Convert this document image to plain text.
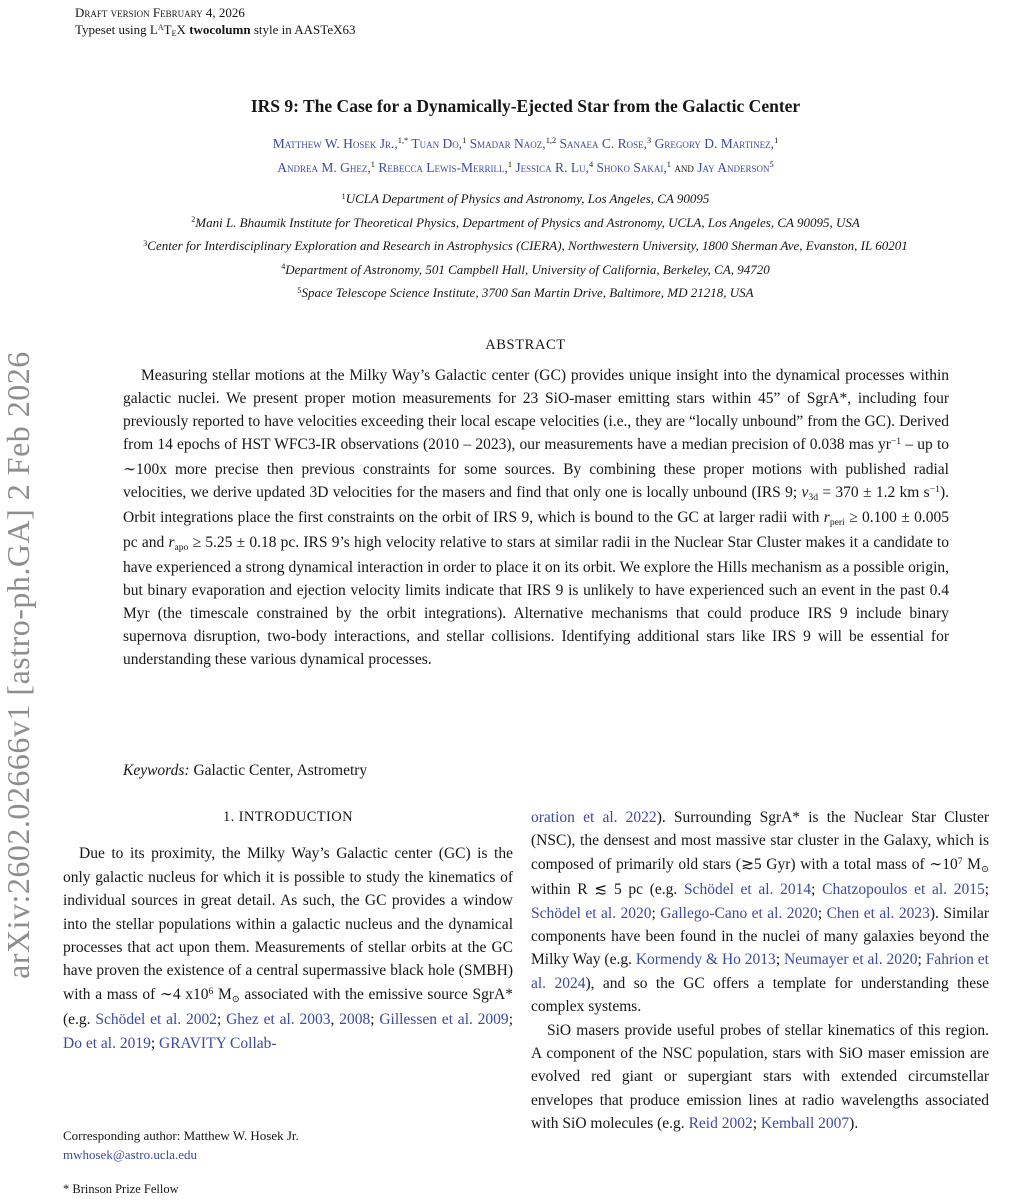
arXiv:2602.02666v1 [astro-ph.GA] 2 Feb 2026
Draft version February 4, 2026
Typeset using $L^ATEX$ twocolumn style in AASTeX63
IRS 9: The Case for a Dynamically-Ejected Star from the Galactic Center
Matthew W. Hosek Jr.,$^{1,*}$ Tuan Do,$^1$ Smadar Naoz,$^{1,2}$ Sanaea C. Rose,$^3$ Gregory D. Martinez,$^1$
Andrea M. Ghez,$^1$ Rebecca Lewis-Merrill,$^1$ Jessica R. Lu,$^4$ Shoko Sakai,$^1$ and Jay Anderson$^5$
$^1$UCLA Department of Physics and Astronomy, Los Angeles, CA 90095
$^2$Mani L. Bhaumik Institute for Theoretical Physics, Department of Physics and Astronomy, UCLA, Los Angeles, CA 90095, USA
$^3$Center for Interdisciplinary Exploration and Research in Astrophysics (CIERA), Northwestern University, 1800 Sherman Ave, Evanston, IL 60201
$^4$Department of Astronomy, 501 Campbell Hall, University of California, Berkeley, CA, 94720
$^5$Space Telescope Science Institute, 3700 San Martin Drive, Baltimore, MD 21218, USA
ABSTRACT
Measuring stellar motions at the Milky Way’s Galactic center (GC) provides unique insight into the dynamical processes within galactic nuclei. We present proper motion measurements for 23 SiO-maser emitting stars within 45” of SgrA*, including four previously reported to have velocities exceeding their local escape velocities (i.e., they are “locally unbound” from the GC). Derived from 14 epochs of HST WFC3-IR observations (2010 – 2023), our measurements have a median precision of 0.038 mas $yr^{-1}$ – up to ∼100x more precise then previous constraints for some sources. By combining these proper motions with published radial velocities, we derive updated 3D velocities for the masers and find that only one is locally unbound (IRS 9; v3d = 370 ± 1.2 km $s^{-1}$). Orbit integrations place the first constraints on the orbit of IRS 9, which is bound to the GC at larger radii with rperi ≥ 0.100 ± 0.005 pc and rapo ≥ 5.25 ± 0.18 pc. IRS 9’s high velocity relative to stars at similar radii in the Nuclear Star Cluster makes it a candidate to have experienced a strong dynamical interaction in order to place it on its orbit. We explore the Hills mechanism as a possible origin, but binary evaporation and ejection velocity limits indicate that IRS 9 is unlikely to have experienced such an event in the past 0.4 Myr (the timescale constrained by the orbit integrations). Alternative mechanisms that could produce IRS 9 include binary supernova disruption, two-body interactions, and stellar collisions. Identifying additional stars like IRS 9 will be essential for understanding these various dynamical processes.
Keywords: Galactic Center, Astrometry
1. INTRODUCTION

Due to its proximity, the Milky Way’s Galactic center (GC) is the only galactic nucleus for which it is possible to study the kinematics of individual sources in great detail. As such, the GC provides a window into the stellar populations within a galactic nucleus and the dynamical processes that act upon them. Measurements of stellar orbits at the GC have proven the existence of a central supermassive black hole (SMBH) with a mass of ∼4 $x10^6$ M⊙ associated with the emissive source SgrA* (e.g. Schödel et al. 2002; Ghez et al. 2003, 2008; Gillessen et al. 2009; Do et al. 2019; GRAVITY Collab-

oration et al. 2022). Surrounding SgrA* is the Nuclear Star Cluster (NSC), the densest and most massive star cluster in the Galaxy, which is composed of primarily old stars (≳5 Gyr) with a total mass of $\sim 10^7$ M⊙ within R ≲ 5 pc (e.g. Schödel et al. 2014; Chatzopoulos et al. 2015; Schödel et al. 2020; Gallego-Cano et al. 2020; Chen et al. 2023). Similar components have been found in the nuclei of many galaxies beyond the Milky Way (e.g. Kormendy & Ho 2013; Neumayer et al. 2020; Fahrion et al. 2024), and so the GC offers a template for understanding these complex systems.

SiO masers provide useful probes of stellar kinematics of this region. A component of the NSC population, stars with SiO maser emission are evolved red giant or supergiant stars with extended circumstellar envelopes that produce emission lines at radio wavelengths associated with SiO molecules (e.g. Reid 2002; Kemball 2007).

Corresponding author: Matthew W. Hosek Jr.
mwhosek@astro.ucla.edu
* Brinson Prize Fellow
